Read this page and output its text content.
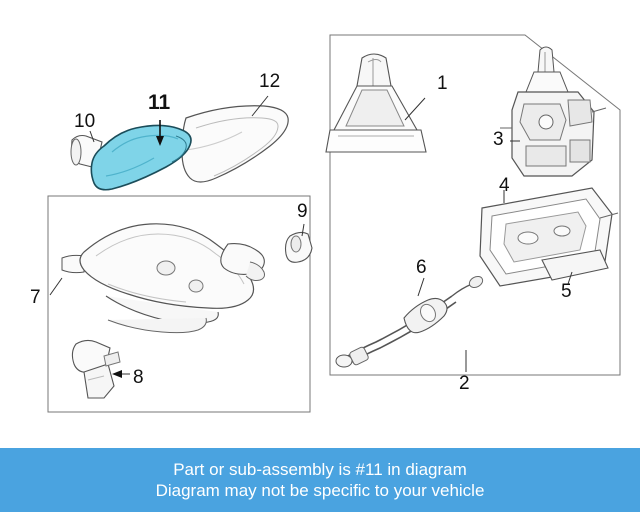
1
2
3
4
5
6
7
8
9
10
11
12
Part or sub-assembly is #11 in diagram
Diagram may not be specific to your vehicle
